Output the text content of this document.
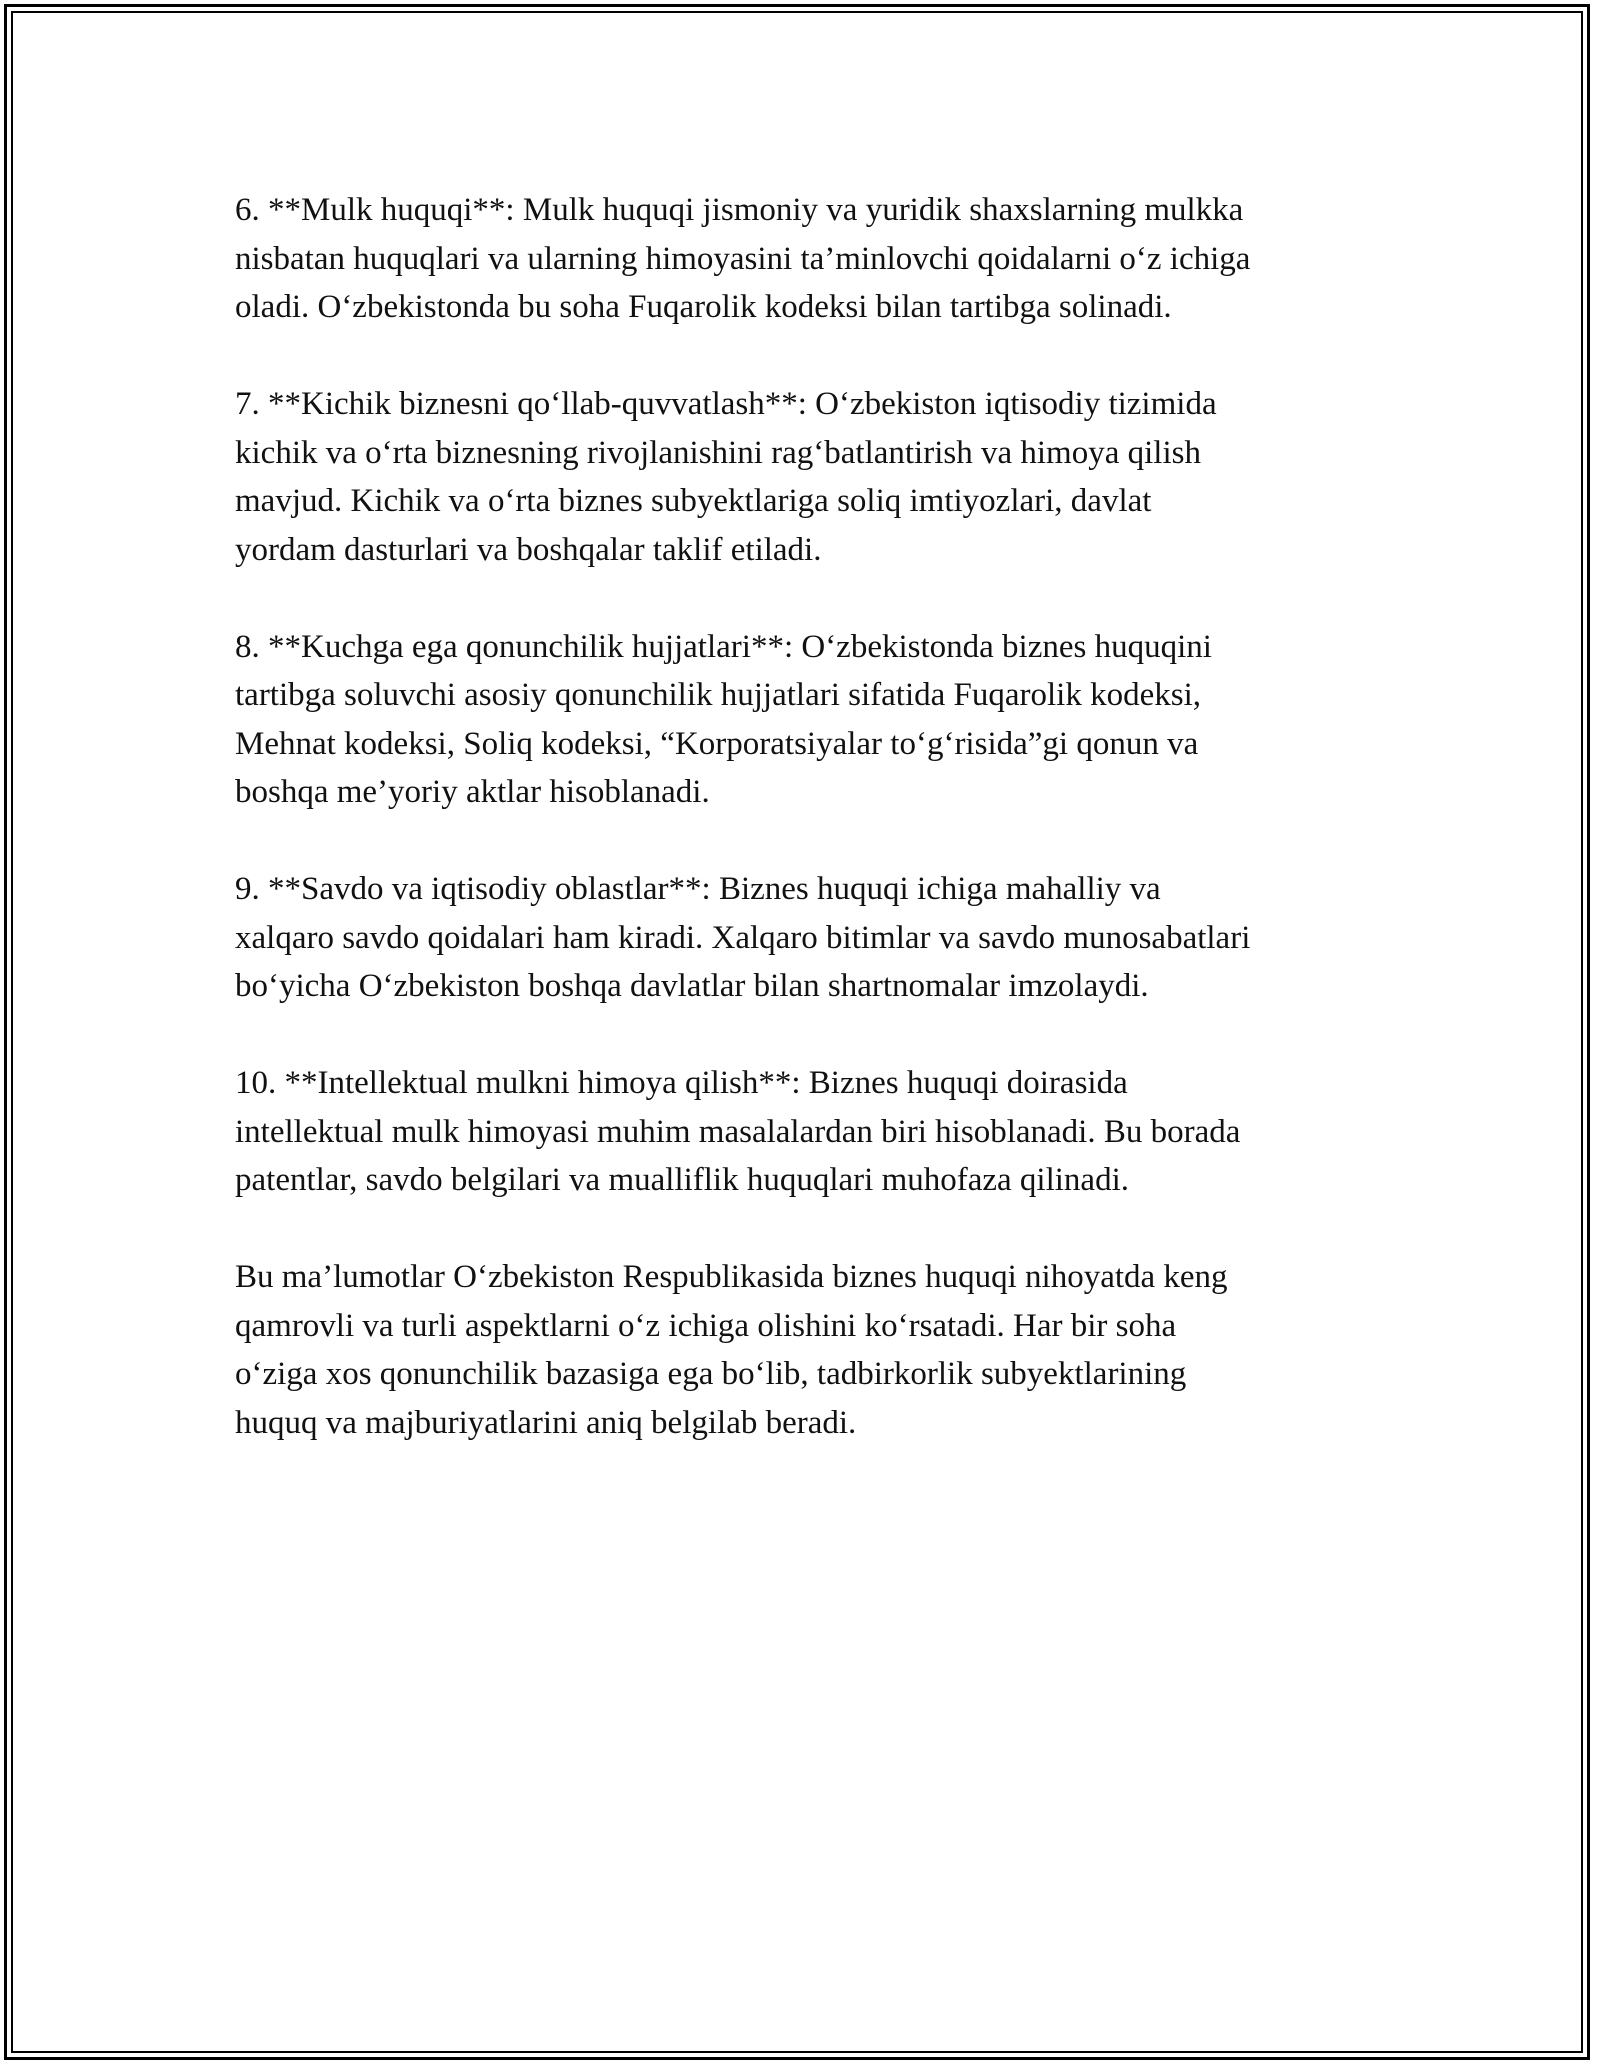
6. **Mulk huquqi**: Mulk huquqi jismoniy va yuridik shaxslarning mulkka
nisbatan huquqlari va ularning himoyasini ta’minlovchi qoidalarni o‘z ichiga
oladi. O‘zbekistonda bu soha Fuqarolik kodeksi bilan tartibga solinadi.

7. **Kichik biznesni qo‘llab-quvvatlash**: O‘zbekiston iqtisodiy tizimida
kichik va o‘rta biznesning rivojlanishini rag‘batlantirish va himoya qilish
mavjud. Kichik va o‘rta biznes subyektlariga soliq imtiyozlari, davlat
yordam dasturlari va boshqalar taklif etiladi.

8. **Kuchga ega qonunchilik hujjatlari**: O‘zbekistonda biznes huquqini
tartibga soluvchi asosiy qonunchilik hujjatlari sifatida Fuqarolik kodeksi,
Mehnat kodeksi, Soliq kodeksi, “Korporatsiyalar to‘g‘risida”gi qonun va
boshqa me’yoriy aktlar hisoblanadi.

9. **Savdo va iqtisodiy oblastlar**: Biznes huquqi ichiga mahalliy va
xalqaro savdo qoidalari ham kiradi. Xalqaro bitimlar va savdo munosabatlari
bo‘yicha O‘zbekiston boshqa davlatlar bilan shartnomalar imzolaydi.

10. **Intellektual mulkni himoya qilish**: Biznes huquqi doirasida
intellektual mulk himoyasi muhim masalalardan biri hisoblanadi. Bu borada
patentlar, savdo belgilari va mualliflik huquqlari muhofaza qilinadi.

Bu ma’lumotlar O‘zbekiston Respublikasida biznes huquqi nihoyatda keng
qamrovli va turli aspektlarni o‘z ichiga olishini ko‘rsatadi. Har bir soha
o‘ziga xos qonunchilik bazasiga ega bo‘lib, tadbirkorlik subyektlarining
huquq va majburiyatlarini aniq belgilab beradi.
